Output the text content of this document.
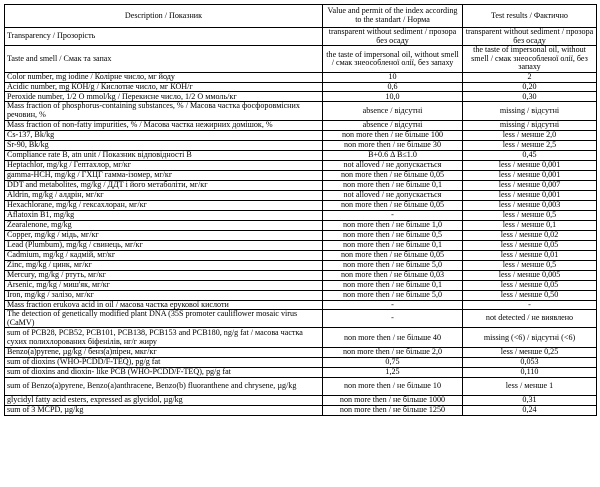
Description / Показник	Value and permit of the index according to the standart / Норма	Test results / Фактично
Transparency / Прозорість	transparent without sediment / прозора без осаду	transparent without sediment / прозора без осаду
Taste and smell / Смак та запах	the taste of impersonal oil, without smell / смак знеособленої олії, без запаху	the taste of impersonal oil, without smell / смак знеособленої олії, без запаху
Color number, mg iodine / Колірне число, мг йоду	10	2
Acidic number, mg КОН/g / Кислотне число, мг КОН/г	0,6	0,20
Peroxide number, 1/2 O mmol/kg / Перекисне число, 1/2 O ммоль/кг	10,0	0,30
Mass fraction of phosphorus-containing substances, % / Масова частка фосфоровмісних речовин, %	absence / відсутні	missing / відсутні
Mass fraction of non-fatty impurities, % / Масова частка нежирних домішок, %	absence / відсутні	missing / відсутні
Cs-137, Bk/kg	non more then / не більше 100	less / менше 2,0
Sr-90, Bk/kg	non more then / не більше 30	less / менше 2,5
Compliance rate B, atn unit / Показник відповідності B	B+0.6 Δ B≤1.0	0,45
Heptachlor, mg/kg / Гептахлор, мг/кг	not alloved / не допускається	less / менше 0,001
gamma-HCH, mg/kg / ГХЦГ гамма-ізомер, мг/кг	non more then / не більше 0,05	less / менше 0,001
DDT and metabolites, mg/kg / ДДТ і його метаболіти, мг/кг	non more then / не більше 0,1	less / менше 0,007
Aldrin, mg/kg / алдрін, мг/кг	not alloved / не допускається	less / менше 0,001
Hexachlorane, mg/kg / гексахлоран, мг/кг	non more then / не більше 0,05	less / менше 0,003
Aflatoxin B1, mg/kg	-	less / менше 0,5
Zearalenone, mg/kg	non more then / не більше 1,0	less / менше 0,1
Copper, mg/kg / мідь, мг/кг	non more then / не більше 0,5	less / менше 0,02
Lead (Plumbum), mg/kg / свинець, мг/кг	non more then / не більше 0,1	less / менше 0,05
Cadmium, mg/kg / кадмій, мг/кг	non more then / не більше 0,05	less / менше 0,01
Zinc, mg/kg / цинк, мг/кг	non more then / не більше 5,0	less / менше 0,5
Mercury, mg/kg / ртуть, мг/кг	non more then / не більше 0,03	less / менше 0,005
Arsenic, mg/kg / миш'як, мг/кг	non more then / не більше 0,1	less / менше 0,05
Iron, mg/kg / залізо, мг/кг	non more then / не більше 5,0	less / менше 0,50
Mass fraction erukova acid in oil / масова частка ерукової кислоти	-	-
The detection of genetically modified plant DNA (35S promoter cauliflower mosaic virus (CaMV)	-	not detected / не виявлено
sum of PCB28, PCB52, PCB101, PCB138, PCB153 and PCB180, ng/g fat / масова частка сухих полихлорованих біфенілів, нг/г жиру	non more then / не більше 40	missing (<6) / відсутні (<6)
Benzo(a)pyrene, µg/kg / бенз(а)пірен, мкг/кг	non more then / не більше 2,0	less / менше 0,25
sum of dioxins (WHO-PCDD/F-TEQ), pg/g fat	0,75	0,053
sum of dioxins and dioxin- like PCB (WHO-PCDD/F-TEQ), pg/g fat	1,25	0,110
sum of Benzo(a)pyrene, Benzo(a)anthracene, Benzo(b) fluoranthene and chrysene, µg/kg	non more then / не більше 10	less / менше 1
glycidyl fatty acid esters, expressed as glycidol, µg/kg	non more then / не більше 1000	0,31
sum of 3 MCPD, µg/kg	non more then / не більше 1250	0,24
